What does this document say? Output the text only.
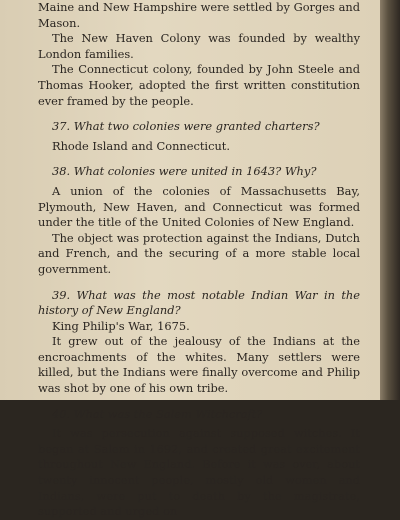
Maine and New Hampshire were settled by Gorges and Mason.

The New Haven Colony was founded by wealthy London families.

The Connecticut colony, founded by John Steele and Thomas Hooker, adopted the first written constitution ever framed by the people.

37. What two colonies were granted charters?

Rhode Island and Connecticut.

38. What colonies were united in 1643? Why?

A union of the colonies of Massachusetts Bay, Plymouth, New Haven, and Connecticut was formed under the title of the United Colonies of New England.

The object was protection against the Indians, Dutch and French, and the securing of a more stable local government.

39. What was the most notable Indian War in the history of New England?

King Philip's War, 1675.

It grew out of the jealousy of the Indians at the encroachments of the whites. Many settlers were killed, but the Indians were finally overcome and Philip was shot by one of his own tribe.

40. What was the Salem Witchcraft?

It was persecution against supposed witches. It began at Salem in 1692, and created great excitement throughout New England. Before it was over, about twenty innocent people, mostly old women and Indians, were put to death by the magistrate, supported and urged on
